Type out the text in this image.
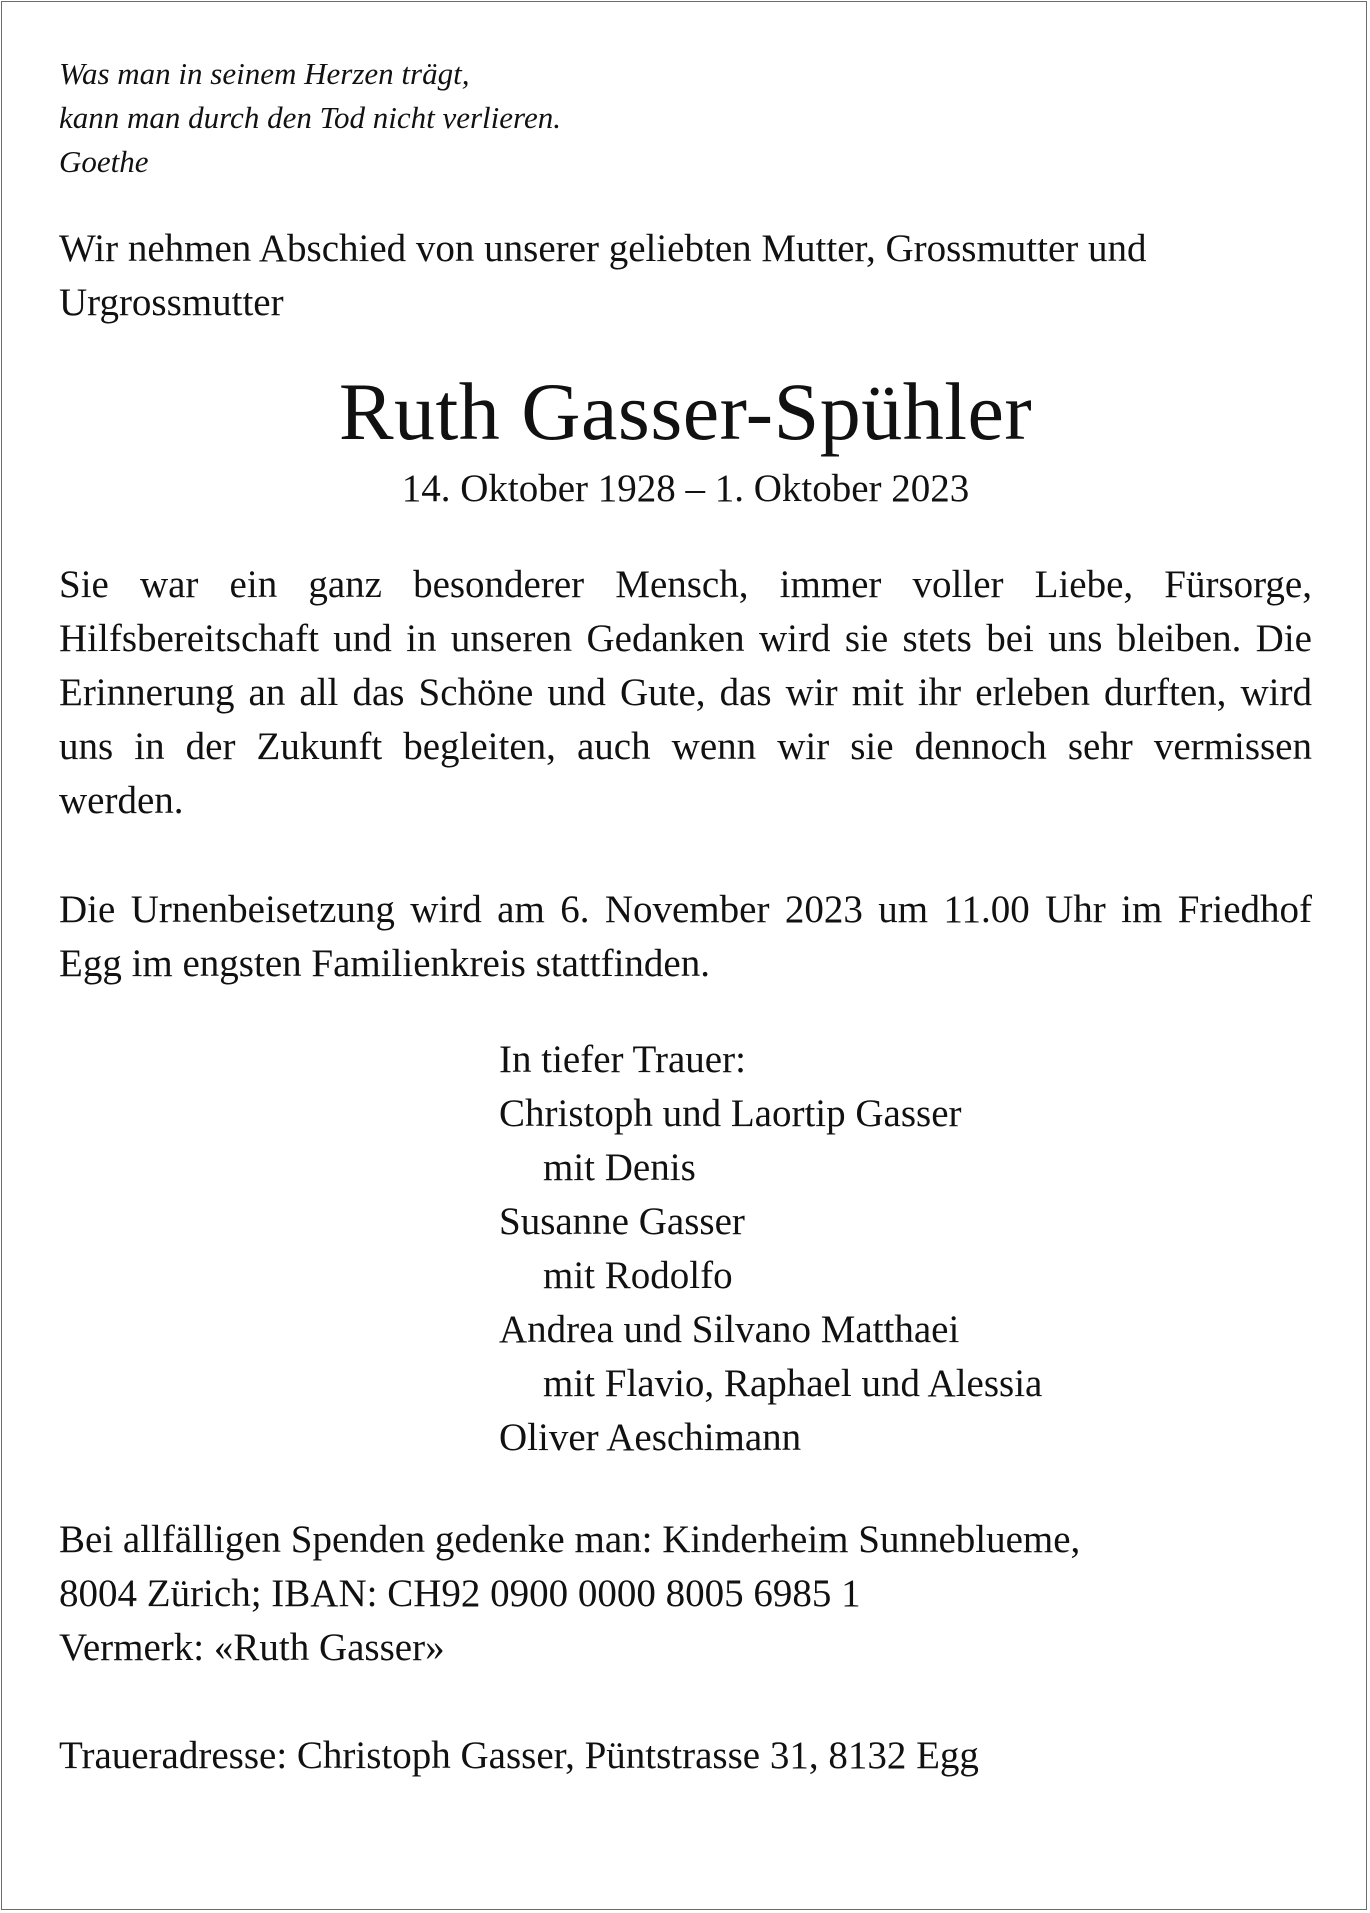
Was man in seinem Herzen trägt,
kann man durch den Tod nicht verlieren.
Goethe
Wir nehmen Abschied von unserer geliebten Mutter, Grossmutter und
Urgrossmutter
Ruth Gasser-Spühler
14. Oktober 1928 – 1. Oktober 2023
Sie war ein ganz besonderer Mensch, immer voller Liebe, Fürsorge, Hilfsbereitschaft und in unseren Gedanken wird sie stets bei uns bleiben. Die Erinnerung an all das Schöne und Gute, das wir mit ihr erleben durften, wird uns in der Zukunft begleiten, auch wenn wir sie dennoch sehr vermissen werden.
Die Urnenbeisetzung wird am 6. November 2023 um 11.00 Uhr im Friedhof Egg im engsten Familienkreis stattfinden.
In tiefer Trauer:
Christoph und Laortip Gasser
mit Denis
Susanne Gasser
mit Rodolfo
Andrea und Silvano Matthaei
mit Flavio, Raphael und Alessia
Oliver Aeschimann
Bei allfälligen Spenden gedenke man: Kinderheim Sunneblueme,
8004 Zürich; IBAN: CH92 0900 0000 8005 6985 1
Vermerk: «Ruth Gasser»
Traueradresse: Christoph Gasser, Püntstrasse 31, 8132 Egg
